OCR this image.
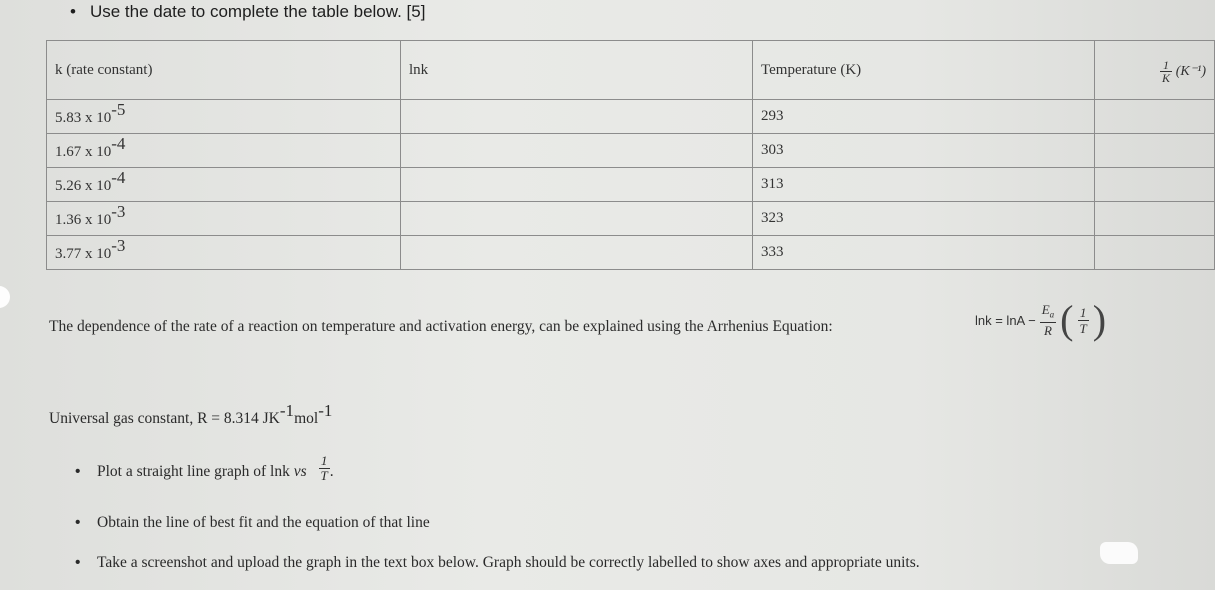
• Use the date to complete the table below. [5]
k (rate constant)	lnk	Temperature (K)	$\frac{1}{K} (K^{-1})$
5.83 x 10-5		293	
1.67 x 10-4		303	
5.26 x 10-4		313	
1.36 x 10-3		323	
3.77 x 10-3		333	
The dependence of the rate of a reaction on temperature and activation energy, can be explained using the Arrhenius Equation:	$\ln k = \ln A - \frac{E_a}{R}$ ( $\frac{1}{T}$ )
Universal gas constant, R = 8.314 JK-1mol-1
• Plot a straight line graph of lnk vs $\frac{1}{T}$ .
• Obtain the line of best fit and the equation of that line
• Take a screenshot and upload the graph in the text box below. Graph should be correctly labelled to show axes and appropriate units.
